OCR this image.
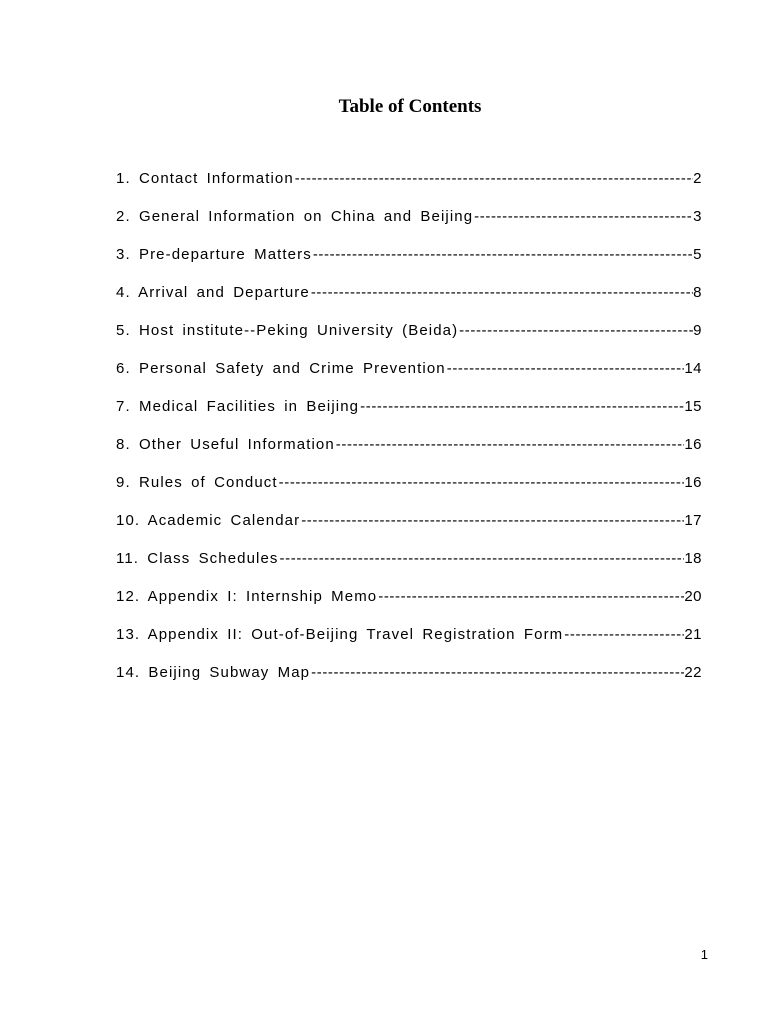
Table of Contents
1. Contact Information -----	2
2. General Information on China and Beijing -----	3
3. Pre-departure Matters -----	5
4. Arrival and Departure -----	8
5. Host institute--Peking University (Beida) -----	9
6. Personal Safety and Crime Prevention -----	14
7. Medical Facilities in Beijing -----	15
8. Other Useful Information -----	16
9. Rules of Conduct -----	16
10. Academic Calendar -----	17
11. Class Schedules -----	18
12. Appendix I: Internship Memo -----	20
13. Appendix II: Out-of-Beijing Travel Registration Form -----	21
14. Beijing Subway Map -----	22
1
